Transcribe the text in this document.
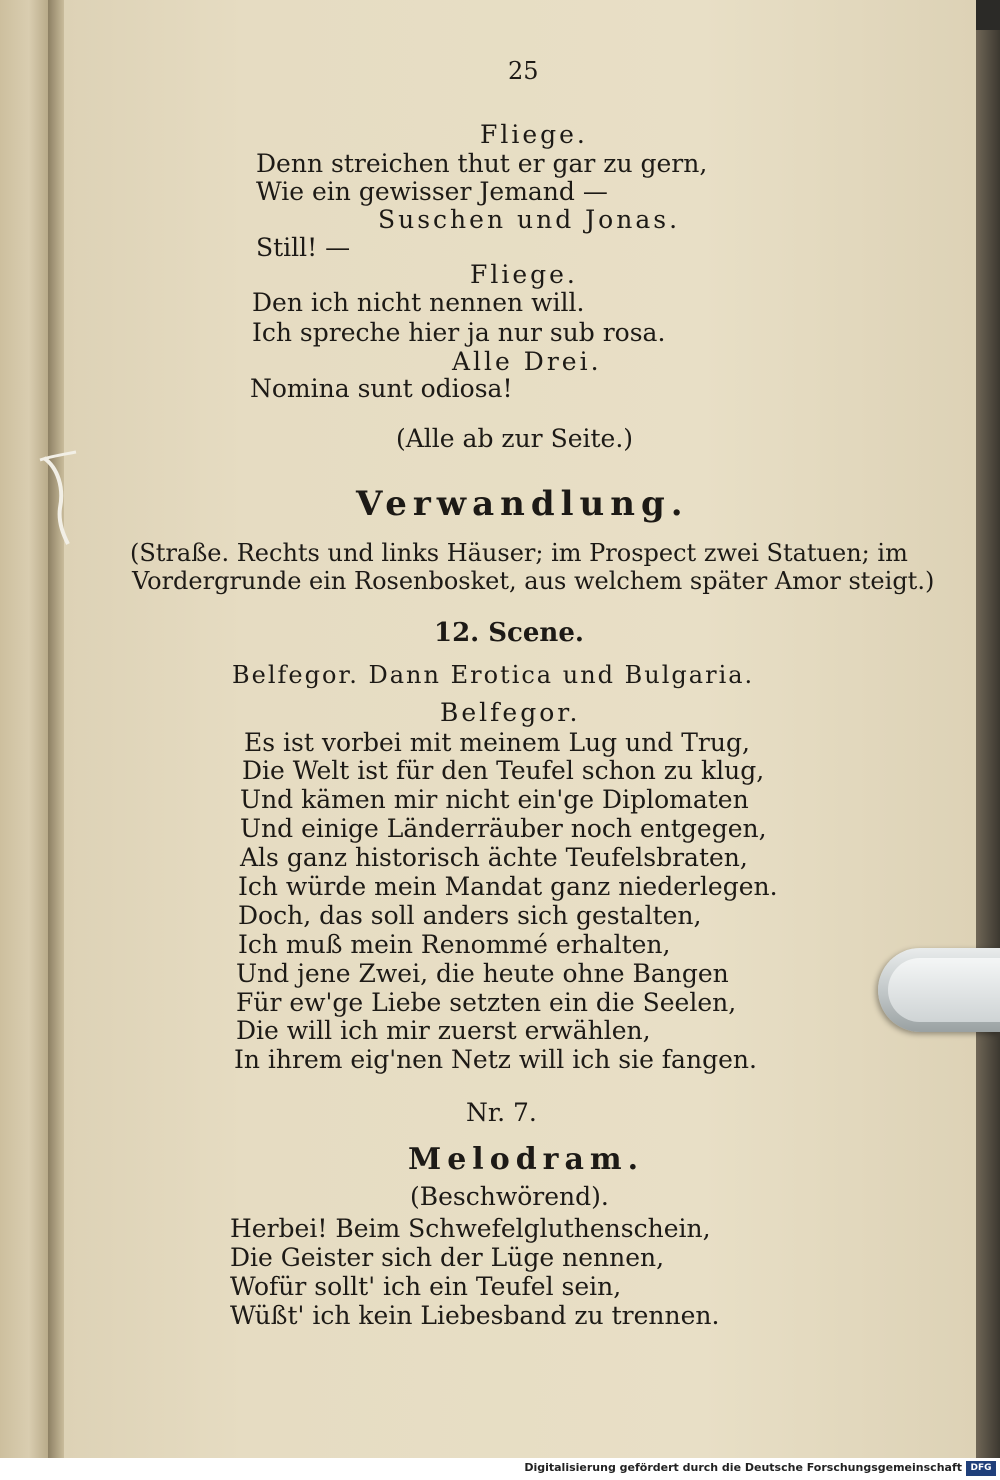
25
Fliege.
Denn streichen thut er gar zu gern,
Wie ein gewisser Jemand —
Suschen und Jonas.
Still! —
Fliege.
Den ich nicht nennen will.
Ich spreche hier ja nur sub rosa.
Alle Drei.
Nomina sunt odiosa!
(Alle ab zur Seite.)
Verwandlung.
(Straße. Rechts und links Häuser; im Prospect zwei Statuen; im
Vordergrunde ein Rosenbosket, aus welchem später Amor steigt.)
12. Scene.
Belfegor. Dann Erotica und Bulgaria.
Belfegor.
Es ist vorbei mit meinem Lug und Trug,
Die Welt ist für den Teufel schon zu klug,
Und kämen mir nicht ein'ge Diplomaten
Und einige Länderräuber noch entgegen,
Als ganz historisch ächte Teufelsbraten,
Ich würde mein Mandat ganz niederlegen.
Doch, das soll anders sich gestalten,
Ich muß mein Renommé erhalten,
Und jene Zwei, die heute ohne Bangen
Für ew'ge Liebe setzten ein die Seelen,
Die will ich mir zuerst erwählen,
In ihrem eig'nen Netz will ich sie fangen.
Nr. 7.
Melodram.
(Beschwörend).
Herbei! Beim Schwefelgluthenschein,
Die Geister sich der Lüge nennen,
Wofür sollt' ich ein Teufel sein,
Wüßt' ich kein Liebesband zu trennen.
Digitalisierung gefördert durch die Deutsche Forschungsgemeinschaft DFG
